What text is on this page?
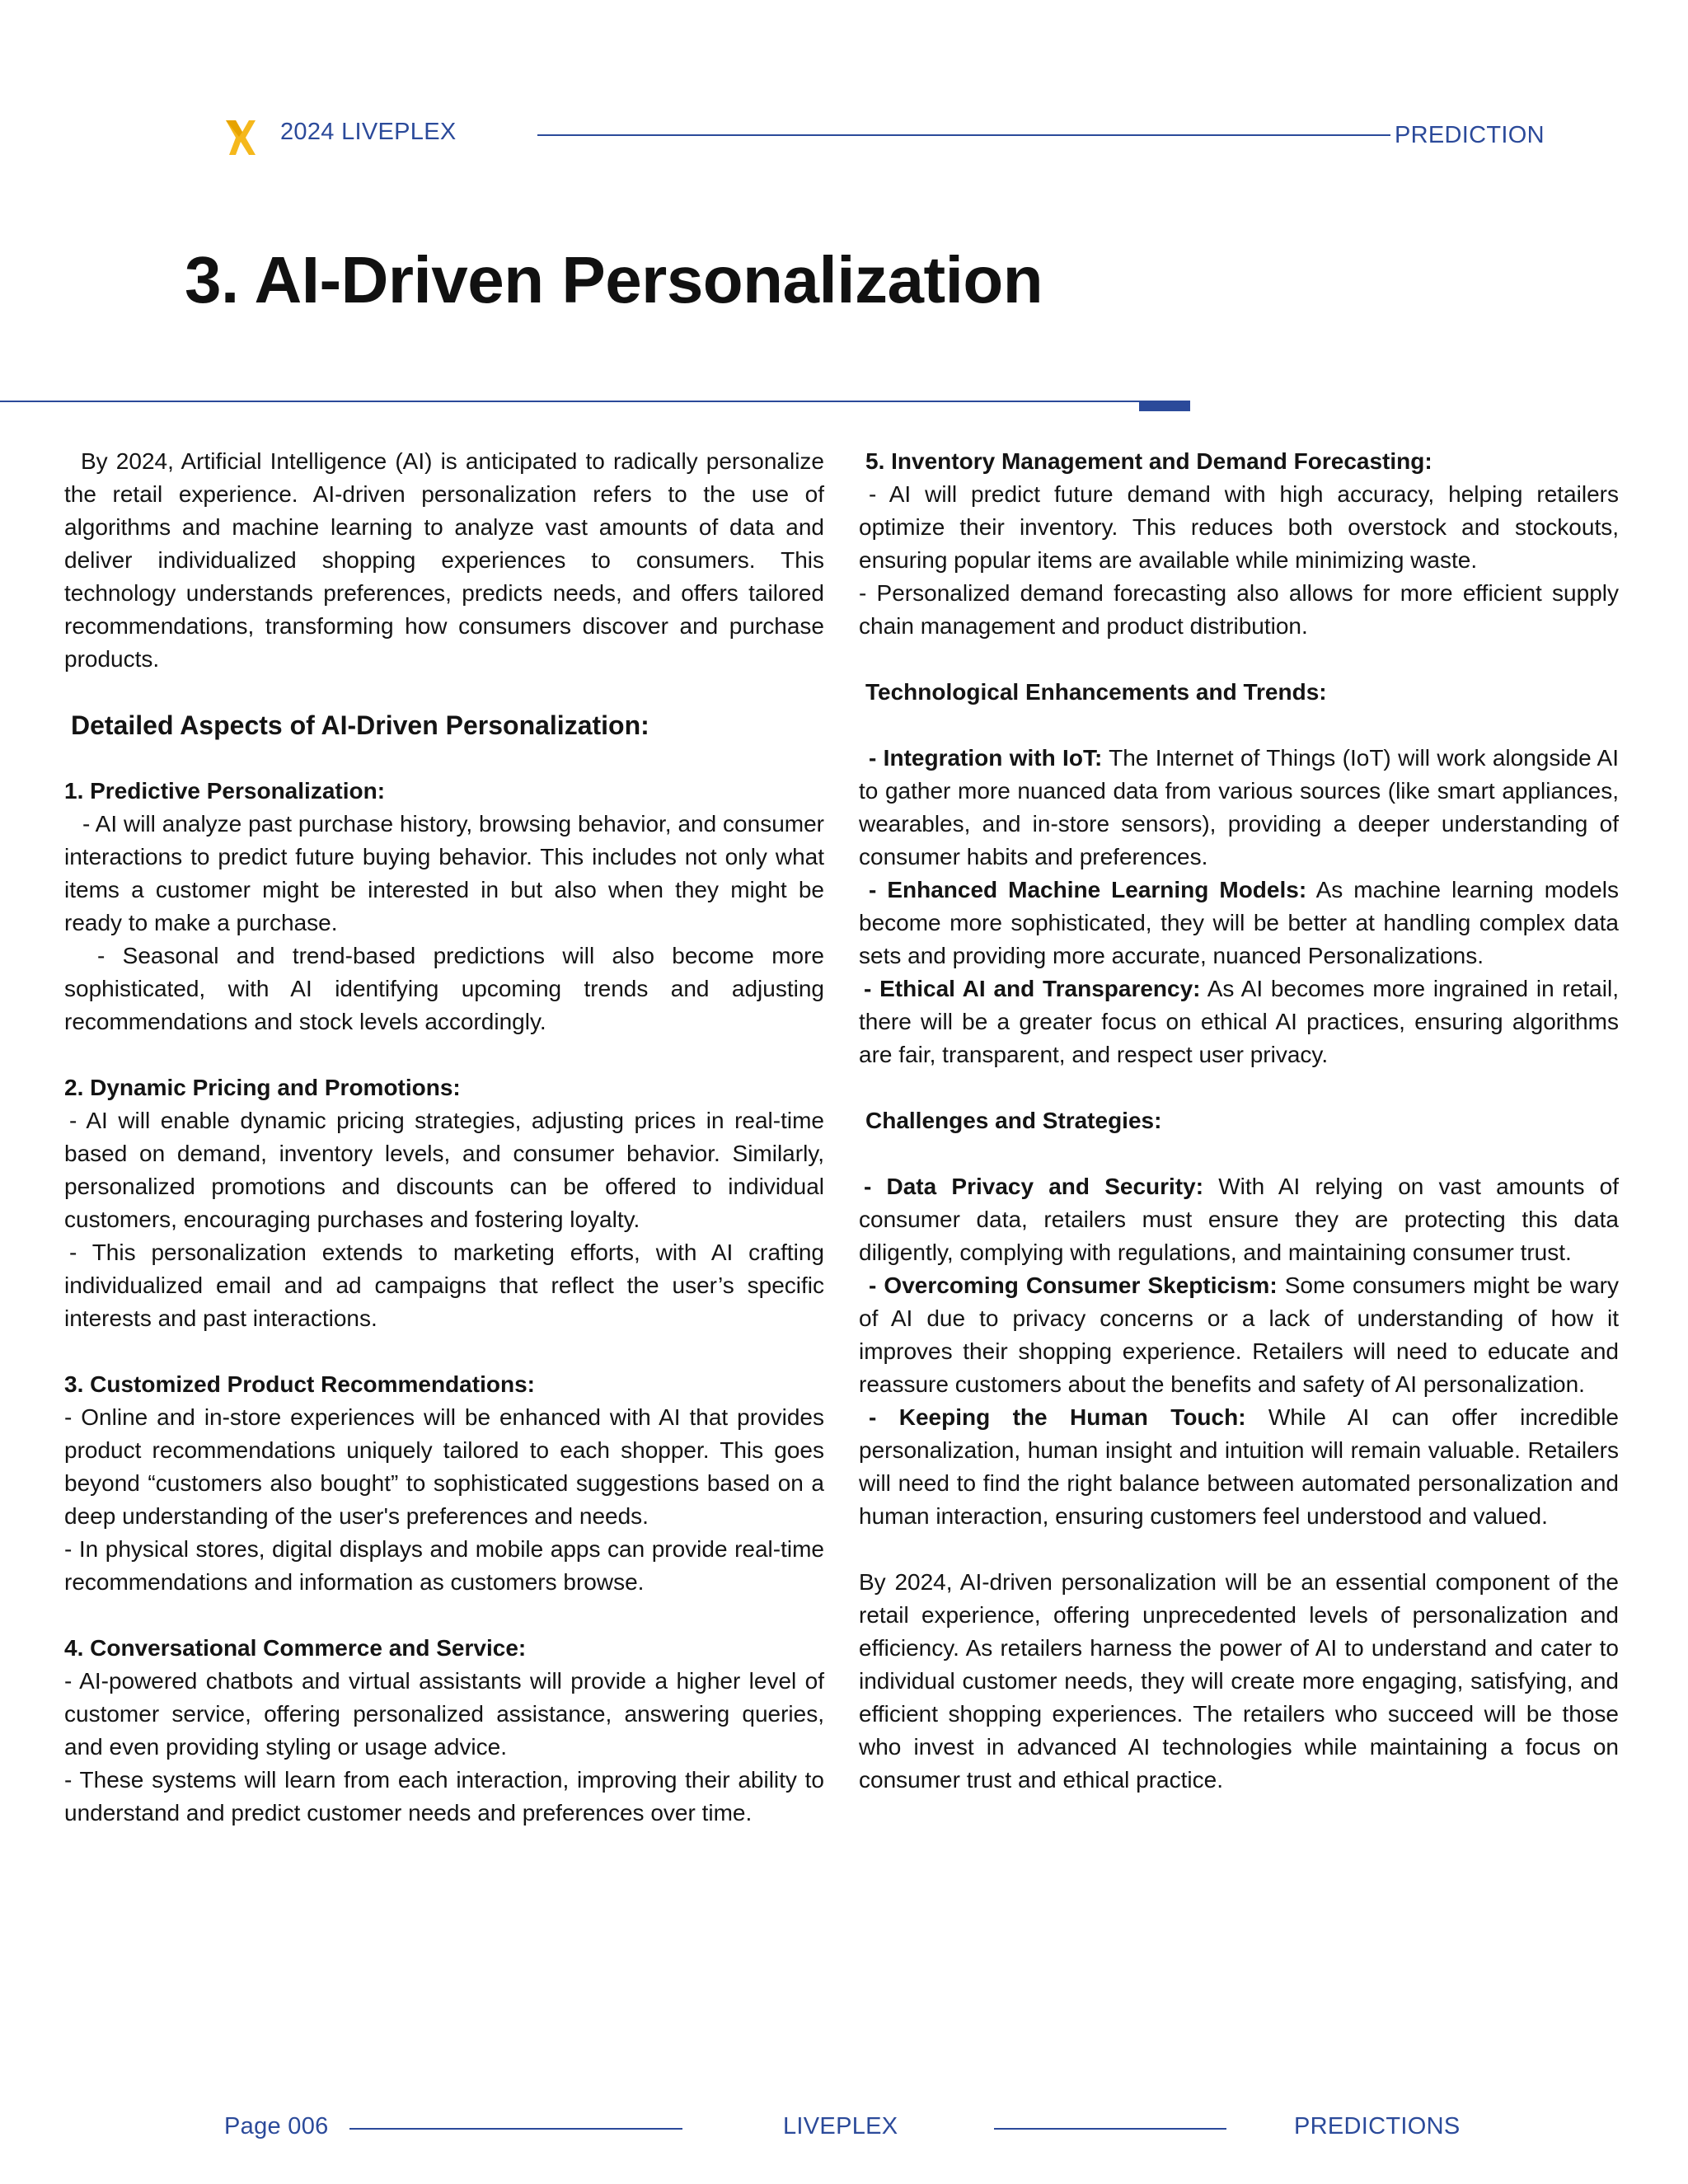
2024 LIVEPLEX	PREDICTION
3. AI-Driven Personalization

By 2024, Artificial Intelligence (AI) is anticipated to radically personalize the retail experience. AI-driven personalization refers to the use of algorithms and machine learning to analyze vast amounts of data and deliver individualized shopping experiences to consumers. This technology understands preferences, predicts needs, and offers tailored recommendations, transforming how consumers discover and purchase products.

Detailed Aspects of AI-Driven Personalization:

1. Predictive Personalization:

- AI will analyze past purchase history, browsing behavior, and consumer interactions to predict future buying behavior. This includes not only what items a customer might be interested in but also when they might be ready to make a purchase.

- Seasonal and trend-based predictions will also become more sophisticated, with AI identifying upcoming trends and adjusting recommendations and stock levels accordingly.

2. Dynamic Pricing and Promotions:

- AI will enable dynamic pricing strategies, adjusting prices in real-time based on demand, inventory levels, and consumer behavior. Similarly, personalized promotions and discounts can be offered to individual customers, encouraging purchases and fostering loyalty.

- This personalization extends to marketing efforts, with AI crafting individualized email and ad campaigns that reflect the user’s specific interests and past interactions.

3. Customized Product Recommendations:

- Online and in-store experiences will be enhanced with AI that provides product recommendations uniquely tailored to each shopper. This goes beyond “customers also bought” to sophisticated suggestions based on a deep understanding of the user's preferences and needs.

- In physical stores, digital displays and mobile apps can provide real-time recommendations and information as customers browse.

4. Conversational Commerce and Service:

- AI-powered chatbots and virtual assistants will provide a higher level of customer service, offering personalized assistance, answering queries, and even providing styling or usage advice.

- These systems will learn from each interaction, improving their ability to understand and predict customer needs and preferences over time.

5. Inventory Management and Demand Forecasting:

- AI will predict future demand with high accuracy, helping retailers optimize their inventory. This reduces both overstock and stockouts, ensuring popular items are available while minimizing waste.

- Personalized demand forecasting also allows for more efficient supply chain management and product distribution.

Technological Enhancements and Trends:

- Integration with IoT: The Internet of Things (IoT) will work alongside AI to gather more nuanced data from various sources (like smart appliances, wearables, and in-store sensors), providing a deeper understanding of consumer habits and preferences.

- Enhanced Machine Learning Models: As machine learning models become more sophisticated, they will be better at handling complex data sets and providing more accurate, nuanced Personalizations.

- Ethical AI and Transparency: As AI becomes more ingrained in retail, there will be a greater focus on ethical AI practices, ensuring algorithms are fair, transparent, and respect user privacy.

Challenges and Strategies:

- Data Privacy and Security: With AI relying on vast amounts of consumer data, retailers must ensure they are protecting this data diligently, complying with regulations, and maintaining consumer trust.

- Overcoming Consumer Skepticism: Some consumers might be wary of AI due to privacy concerns or a lack of understanding of how it improves their shopping experience. Retailers will need to educate and reassure customers about the benefits and safety of AI personalization.

- Keeping the Human Touch: While AI can offer incredible personalization, human insight and intuition will remain valuable. Retailers will need to find the right balance between automated personalization and human interaction, ensuring customers feel understood and valued.

By 2024, AI-driven personalization will be an essential component of the retail experience, offering unprecedented levels of personalization and efficiency. As retailers harness the power of AI to understand and cater to individual customer needs, they will create more engaging, satisfying, and efficient shopping experiences. The retailers who succeed will be those who invest in advanced AI technologies while maintaining a focus on consumer trust and ethical practice.

Page 006	LIVEPLEX	PREDICTIONS
